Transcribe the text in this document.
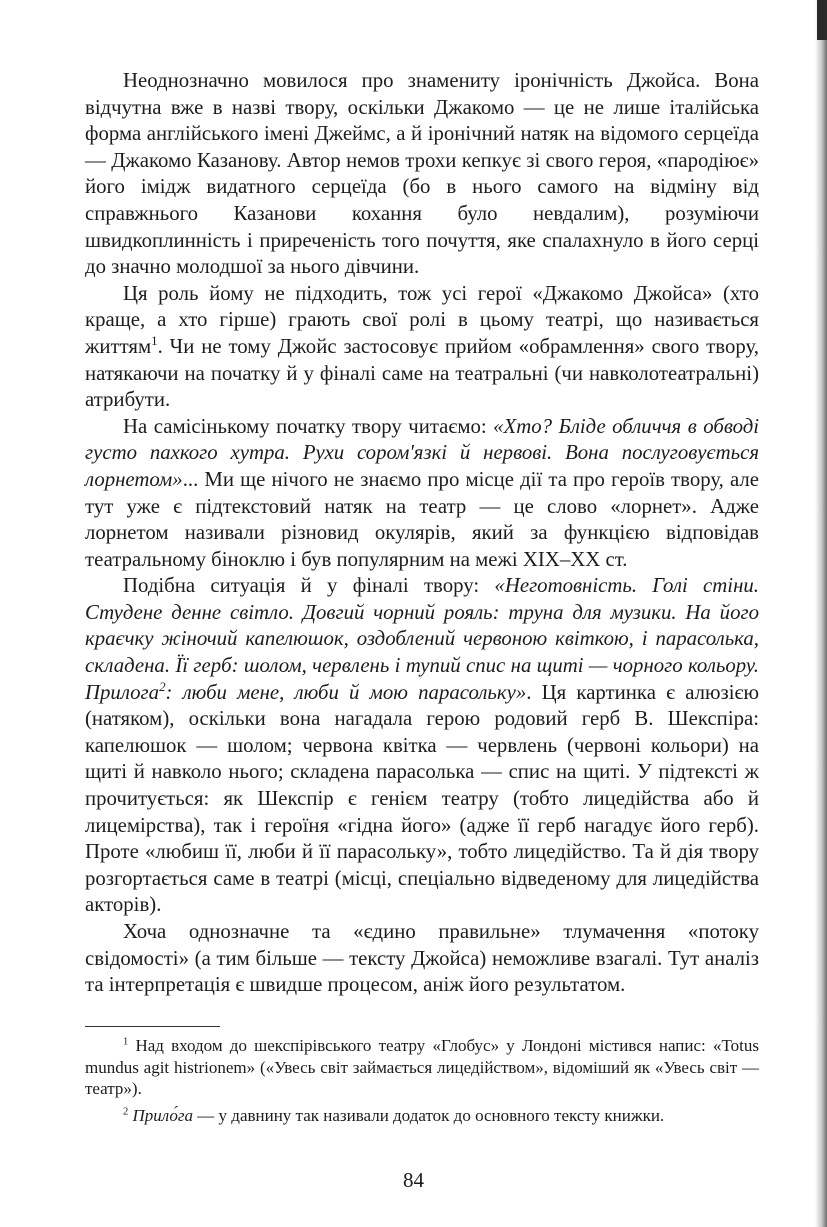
Неоднозначно мовилося про знамениту іронічність Джойса. Вона відчутна вже в назві твору, оскільки Джакомо — це не лише італійська форма англійського імені Джеймс, а й іронічний натяк на відомого серцеїда — Джакомо Казанову. Автор немов трохи кепкує зі свого героя, «пародіює» його імідж видатного серцеїда (бо в нього самого на відміну від справжнього Казанови кохання було невдалим), розуміючи швидкоплинність і приреченість того почуття, яке спалахнуло в його серці до значно молодшої за нього дівчини.

Ця роль йому не підходить, тож усі герої «Джакомо Джойса» (хто краще, а хто гірше) грають свої ролі в цьому театрі, що називається життям$^1$. Чи не тому Джойс застосовує прийом «обрамлення» свого твору, натякаючи на початку й у фіналі саме на театральні (чи навколотеатральні) атрибути.

На самісінькому початку твору читаємо: «Хто? Бліде обличчя в обводі густо пахкого хутра. Рухи сором'язкі й нервові. Вона послуговується лорнетом»... Ми ще нічого не знаємо про місце дії та про героїв твору, але тут уже є підтекстовий натяк на театр — це слово «лорнет». Адже лорнетом називали різновид окулярів, який за функцією відповідав театральному біноклю і був популярним на межі XIX–XX ст.

Подібна ситуація й у фіналі твору: «Неготовність. Голі стіни. Студене денне світло. Довгий чорний рояль: труна для музики. На його краєчку жіночий капелюшок, оздоблений червоною квіткою, і парасолька, складена. Її герб: шолом, червлень і тупий спис на щиті — чорного кольору. Прилога$^2$: люби мене, люби й мою парасольку». Ця картинка є алюзією (натяком), оскільки вона нагадала герою родовий герб В. Шекспіра: капелюшок — шолом; червона квітка — червлень (червоні кольори) на щиті й навколо нього; складена парасолька — спис на щиті. У підтексті ж прочитується: як Шекспір є генієм театру (тобто лицедійства або й лицемірства), так і героїня «гідна його» (адже її герб нагадує його герб). Проте «любиш її, люби й її парасольку», тобто лицедійство. Та й дія твору розгортається саме в театрі (місці, спеціально відведеному для лицедійства акторів).

Хоча однозначне та «єдино правильне» тлумачення «потоку свідомості» (а тим більше — тексту Джойса) неможливе взагалі. Тут аналіз та інтерпретація є швидше процесом, аніж його результатом.

$^1$ Над входом до шекспірівського театру «Глобус» у Лондоні містився напис: «Totus mundus agit histrionem» («Увесь світ займається лицедійством», відоміший як «Увесь світ — театр»).

$^2$ Прило́га — у давнину так називали додаток до основного тексту книжки.

84
